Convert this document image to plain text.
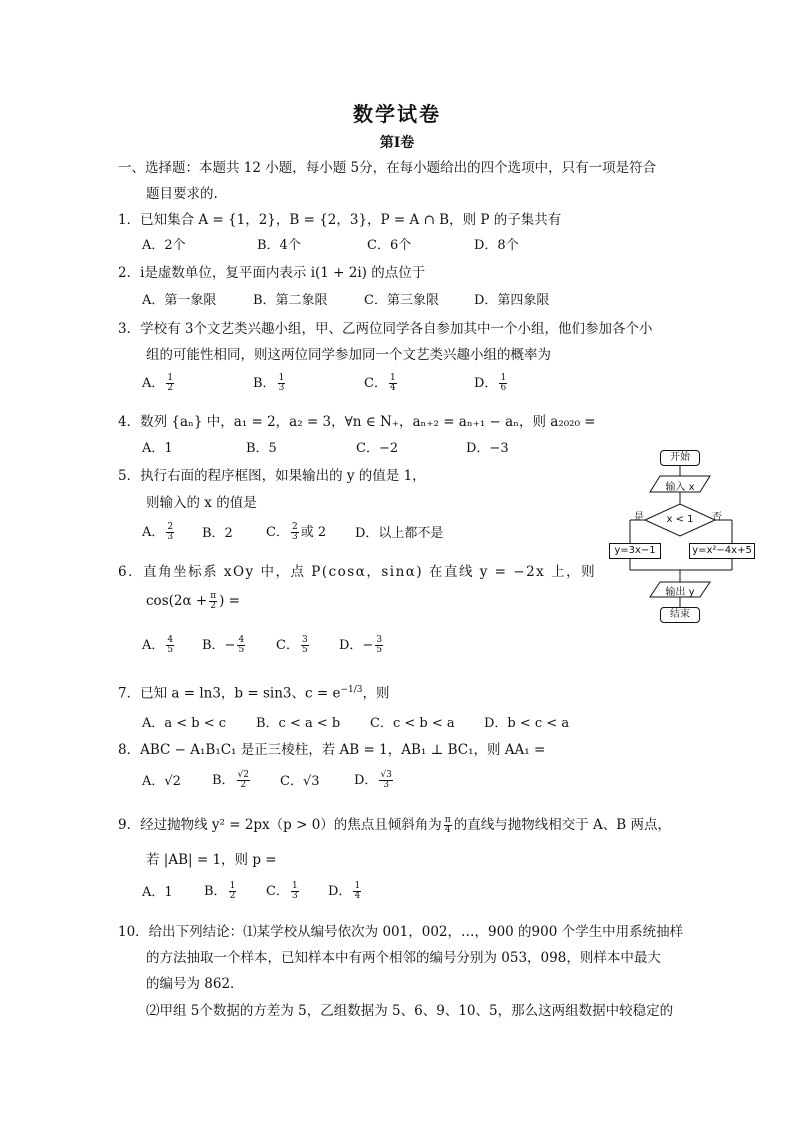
数学试卷
第Ⅰ卷
一、选择题：本题共 12 小题，每小题 5分，在每小题给出的四个选项中，只有一项是符合
题目要求的.
1．已知集合 A = {1，2}，B = {2，3}，P = A ∩ B，则 P 的子集共有
A．2个	B．4个	C．6个	D．8个
2．i是虚数单位，复平面内表示 i(1 + 2i) 的点位于
A．第一象限	B．第二象限	C．第三象限	D．第四象限
3．学校有 3个文艺类兴趣小组，甲、乙两位同学各自参加其中一个小组，他们参加各个小
组的可能性相同，则这两位同学参加同一个文艺类兴趣小组的概率为
A． $\frac{1}{2}$	B． $\frac{1}{3}$	C． $\frac{1}{4}$	D． $\frac{1}{6}$
4．数列 {aₙ} 中，a₁ = 2，a₂ = 3，∀n ∈ N₊，aₙ₊₂ = aₙ₊₁ − aₙ，则 a₂₀₂₀ =
A．1	B．5	C．−2	D．−3
5．执行右面的程序框图，如果输出的 y 的值是 1，
则输入的 x 的值是
A． $\frac{2}{3}$ B．2	C． $\frac{2}{3}$ 或 2 D．以上都不是
开始
输入 x
x < 1
是	否
y=3x−1	y=x²−4x+5
输出 y
结束
6．直角坐标系 xOy 中，点 P(cosα，sinα) 在直线 y = −2x 上，则
$\cos(2\alpha + \frac{\pi}{2}$ ) =
A． $\frac{4}{5}$ B．− $\frac{4}{5}$ C． $\frac{3}{5}$ D．− $\frac{3}{5}$
7．已知 a = ln3，b = sin3、$c = e^{-1/3}$，则
A．a < b < c B．c < a < b C．c < b < a D．b < c < a
8．ABC − A₁B₁C₁ 是正三棱柱，若 AB = 1，AB₁ ⊥ BC₁，则 AA₁ =
A．√2 B． $\frac{√2}{2}$ C．√3	D． $\frac{√3}{3}$
9．经过抛物线 y² = 2px（p > 0）的焦点且倾斜角为 $\frac{\pi}{4}$ 的直线与抛物线相交于 A、B 两点，
若 |AB| = 1，则 p =
A．1 B． $\frac{1}{2}$ C． $\frac{1}{3}$ D． $\frac{1}{4}$
10．给出下列结论：⑴某学校从编号依次为 001，002，…，900 的900 个学生中用系统抽样
的方法抽取一个样本，已知样本中有两个相邻的编号分别为 053，098，则样本中最大
的编号为 862．
⑵甲组 5个数据的方差为 5，乙组数据为 5、6、9、10、5，那么这两组数据中较稳定的
